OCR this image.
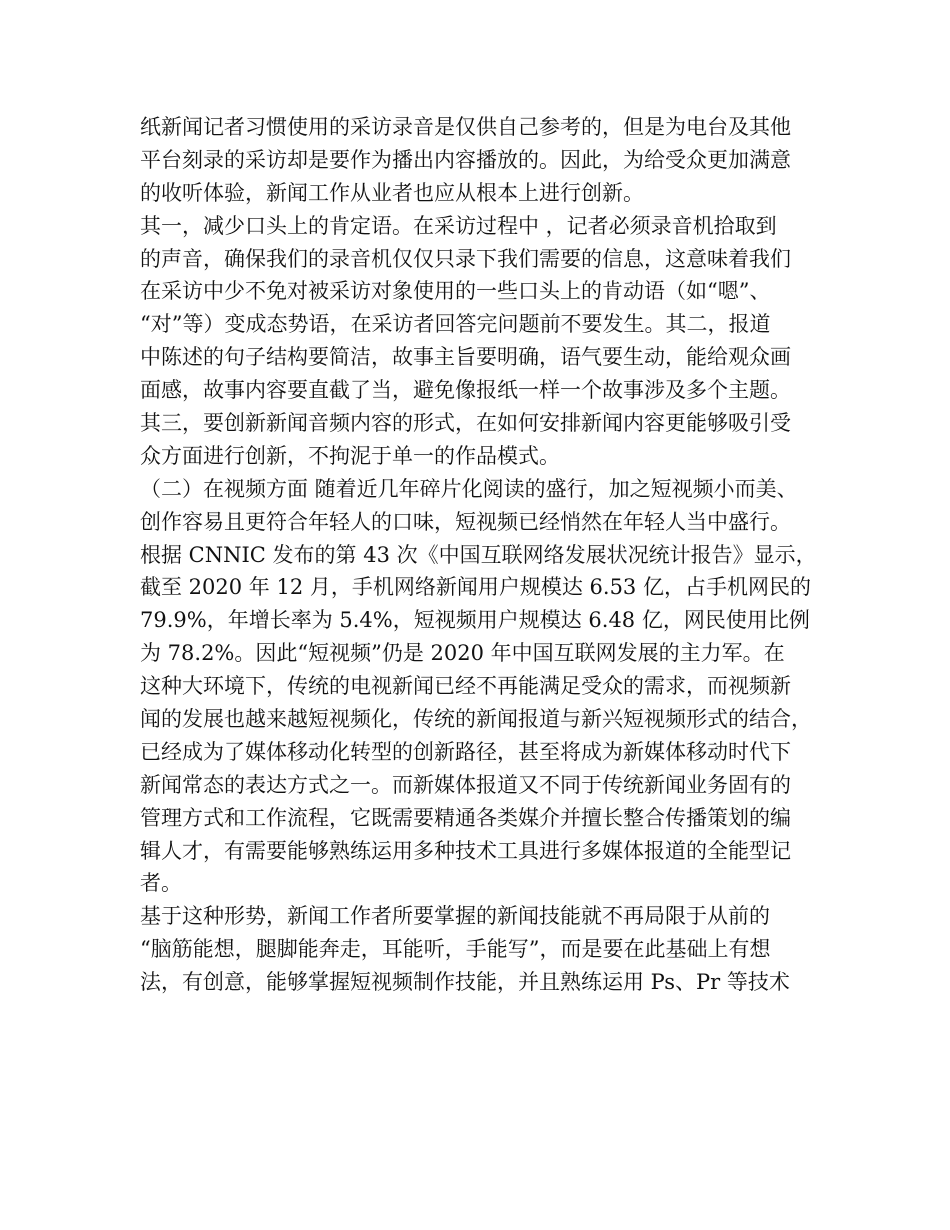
纸新闻记者习惯使用的采访录音是仅供自己参考的，但是为电台及其他
平台刻录的采访却是要作为播出内容播放的。因此，为给受众更加满意
的收听体验，新闻工作从业者也应从根本上进行创新。
其一，减少口头上的肯定语。在采访过程中 ，记者必须录音机拾取到
的声音，确保我们的录音机仅仅只录下我们需要的信息，这意味着我们
在采访中少不免对被采访对象使用的一些口头上的肯动语（如“嗯”、
“对”等）变成态势语，在采访者回答完问题前不要发生。其二，报道
中陈述的句子结构要简洁，故事主旨要明确，语气要生动，能给观众画
面感，故事内容要直截了当，避免像报纸一样一个故事涉及多个主题。
其三，要创新新闻音频内容的形式，在如何安排新闻内容更能够吸引受
众方面进行创新，不拘泥于单一的作品模式。
（二）在视频方面 随着近几年碎片化阅读的盛行，加之短视频小而美、
创作容易且更符合年轻人的口味，短视频已经悄然在年轻人当中盛行。
根据 CNNIC 发布的第 43 次《中国互联网络发展状况统计报告》显示，
截至 2020 年 12 月，手机网络新闻用户规模达 6.53 亿，占手机网民的
79.9%，年增长率为 5.4%，短视频用户规模达 6.48 亿，网民使用比例
为 78.2%。因此“短视频”仍是 2020 年中国互联网发展的主力军。在
这种大环境下，传统的电视新闻已经不再能满足受众的需求，而视频新
闻的发展也越来越短视频化，传统的新闻报道与新兴短视频形式的结合，
已经成为了媒体移动化转型的创新路径，甚至将成为新媒体移动时代下
新闻常态的表达方式之一。而新媒体报道又不同于传统新闻业务固有的
管理方式和工作流程，它既需要精通各类媒介并擅长整合传播策划的编
辑人才，有需要能够熟练运用多种技术工具进行多媒体报道的全能型记
者。
基于这种形势，新闻工作者所要掌握的新闻技能就不再局限于从前的
“脑筋能想，腿脚能奔走，耳能听，手能写”，而是要在此基础上有想
法，有创意，能够掌握短视频制作技能，并且熟练运用 Ps、Pr 等技术
